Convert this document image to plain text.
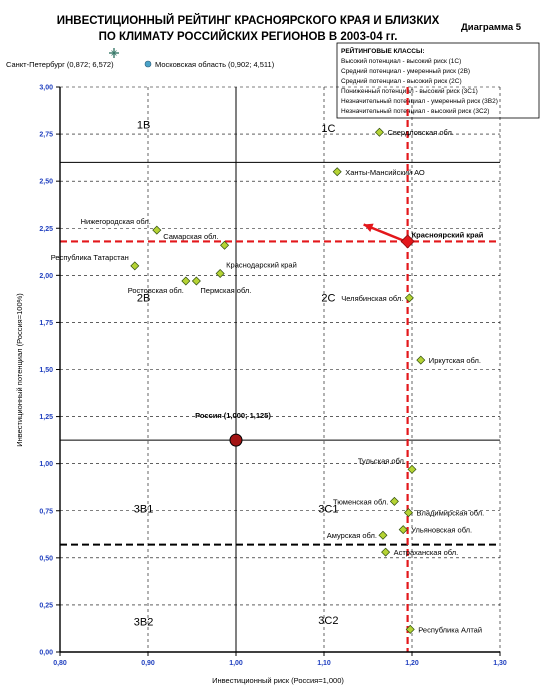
ИНВЕСТИЦИОННЫЙ РЕЙТИНГ КРАСНОЯРСКОГО КРАЯ И БЛИЗКИХ
ПО КЛИМАТУ РОССИЙСКИХ РЕГИОНОВ В 2003-04 гг.
Диаграмма 5
Санкт-Петербург (0,872; 6,572)	Московская область (0,902; 4,511)
РЕЙТИНГОВЫЕ КЛАССЫ:
Высокий потенциал - высокий риск (1С)
Средний потенциал - умеренный риск (2В)
Средний потенциал - высокий риск (2С)
Пониженный потенциал - высокий риск (3С1)
Незначительный потенциал - умеренный риск (3В2)
Незначительный потенциал - высокий риск (3С2)
0,00
0,25
0,50
0,75
1,00
1,25
1,50
1,75
2,00
2,25
2,50
2,75
3,00
0,80	0,90	1,00	1,10	1,20	1,30
1В	1С
2В	2С
3В1	3С1
3В2	3С2
Свердловская обл.
Ханты-Мансийский АО
Нижегородская обл.
Самарская обл.
Республика Татарстан
Краснодарский край
Ростовская обл. Пермская обл.
Челябинская обл.
Иркутская обл.
Тульская обл.
Тюменская обл.
Владимирская обл.
Ульяновская обл.
Амурская обл.
Астраханская обл.
Республика Алтай
Красноярский край
Россия (1,000; 1,125)
Инвестиционный риск (Россия=1,000)
Инвестиционный потенциал (Россия=100%)
